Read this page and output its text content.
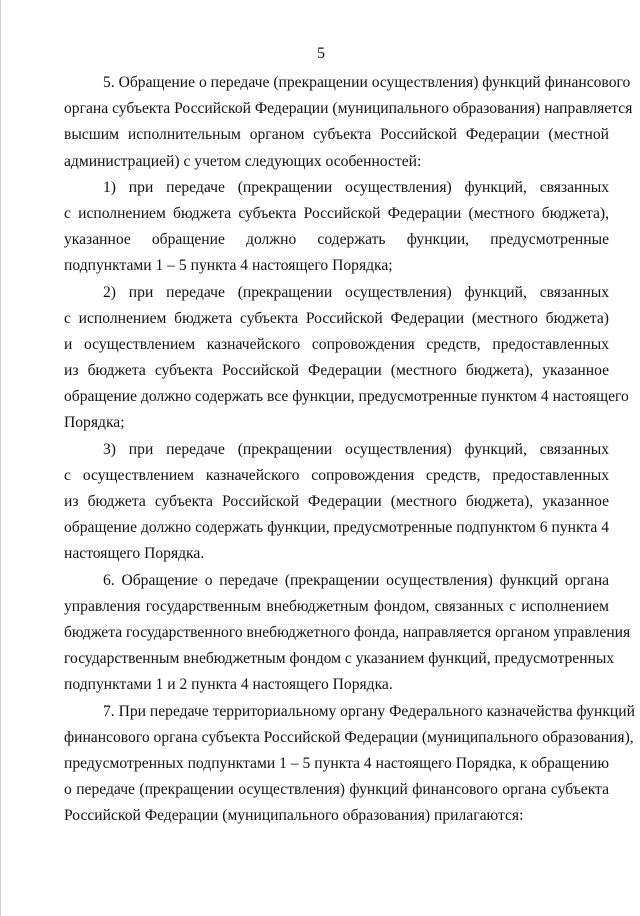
5
5. Обращение о передаче (прекращении осуществления) функций финансового
органа субъекта Российской Федерации (муниципального образования) направляется
высшим исполнительным органом субъекта Российской Федерации (местной
администрацией) с учетом следующих особенностей:
1) при передаче (прекращении осуществления) функций, связанных
с исполнением бюджета субъекта Российской Федерации (местного бюджета),
указанное обращение должно содержать функции, предусмотренные
подпунктами 1 – 5 пункта 4 настоящего Порядка;
2) при передаче (прекращении осуществления) функций, связанных
с исполнением бюджета субъекта Российской Федерации (местного бюджета)
и осуществлением казначейского сопровождения средств, предоставленных
из бюджета субъекта Российской Федерации (местного бюджета), указанное
обращение должно содержать все функции, предусмотренные пунктом 4 настоящего
Порядка;
3) при передаче (прекращении осуществления) функций, связанных
с осуществлением казначейского сопровождения средств, предоставленных
из бюджета субъекта Российской Федерации (местного бюджета), указанное
обращение должно содержать функции, предусмотренные подпунктом 6 пункта 4
настоящего Порядка.
6. Обращение о передаче (прекращении осуществления) функций органа
управления государственным внебюджетным фондом, связанных с исполнением
бюджета государственного внебюджетного фонда, направляется органом управления
государственным внебюджетным фондом с указанием функций, предусмотренных
подпунктами 1 и 2 пункта 4 настоящего Порядка.
7. При передаче территориальному органу Федерального казначейства функций
финансового органа субъекта Российской Федерации (муниципального образования),
предусмотренных подпунктами 1 – 5 пункта 4 настоящего Порядка, к обращению
о передаче (прекращении осуществления) функций финансового органа субъекта
Российской Федерации (муниципального образования) прилагаются:
